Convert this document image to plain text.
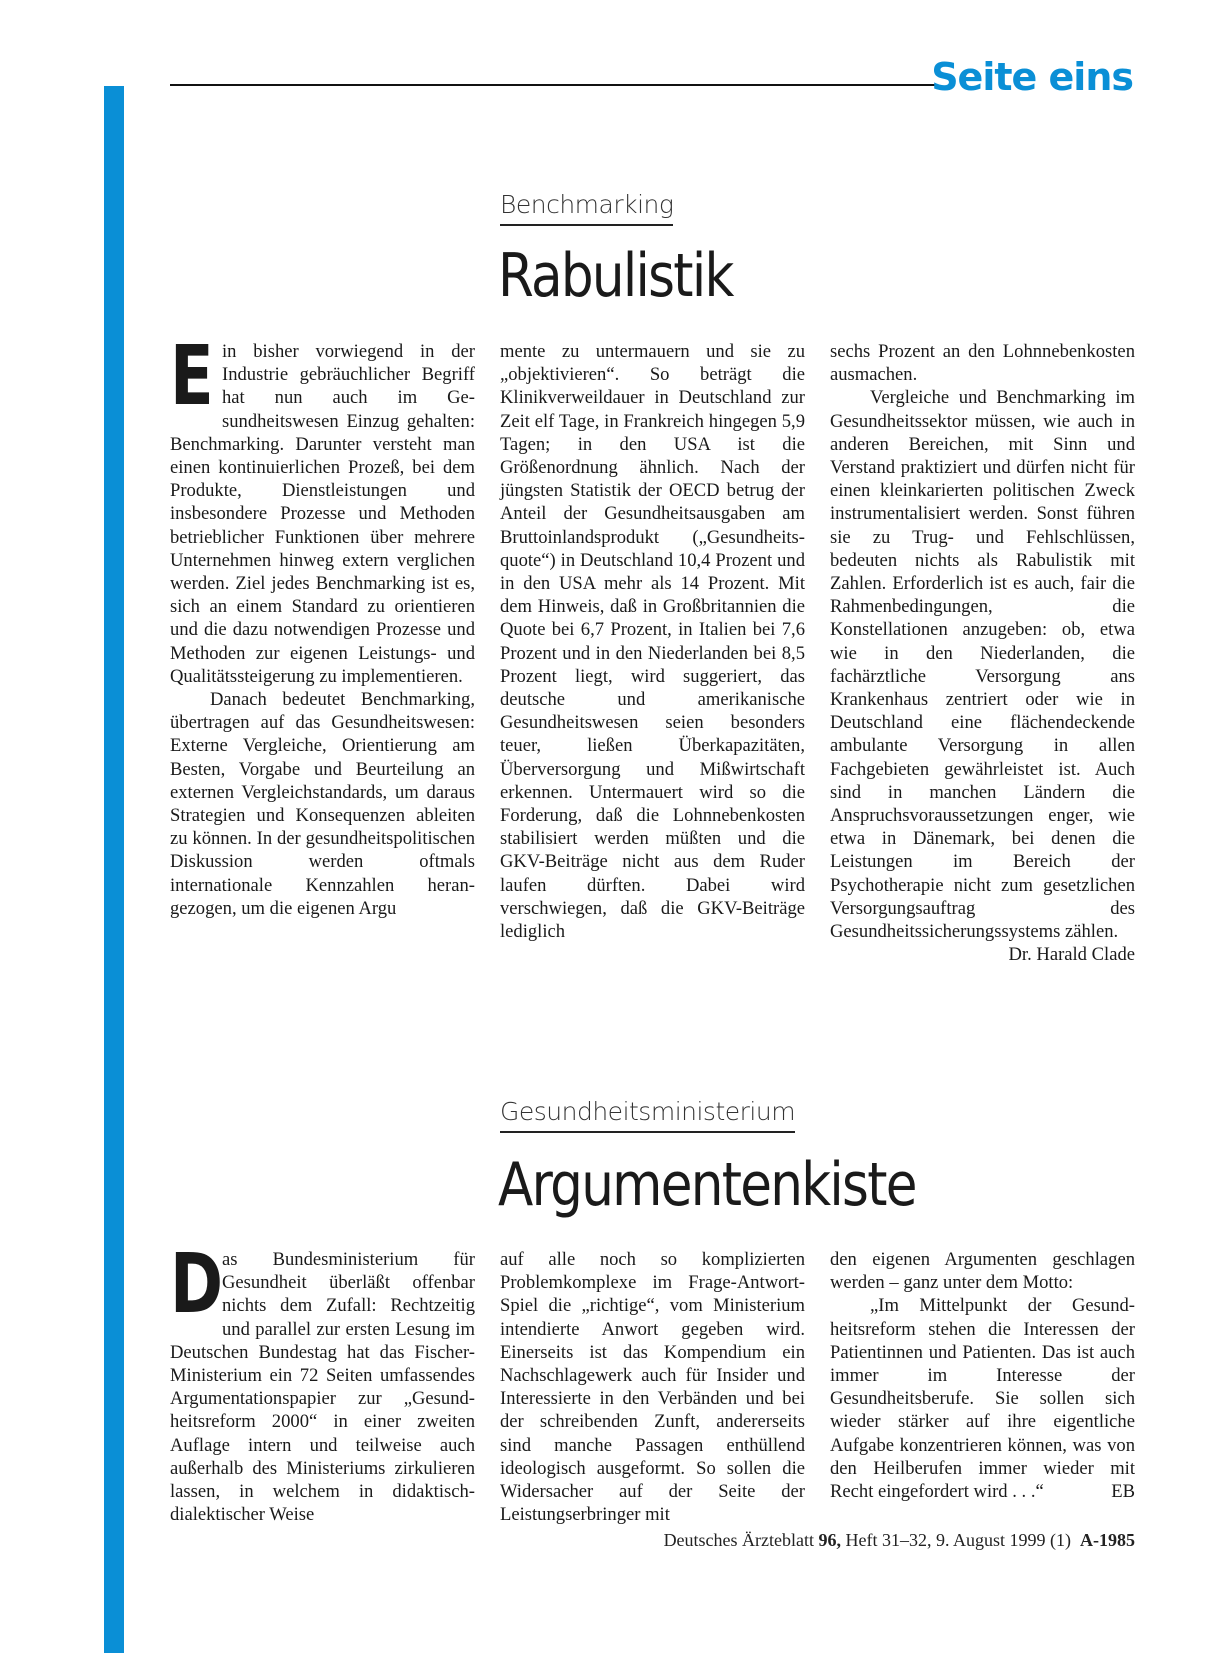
Seite eins
Benchmarking
Rabulistik

Ein bisher vorwiegend in der Industrie gebräuchlicher Begriff hat nun auch im Gesundheitswesen Einzug gehalten: Benchmarking. Darunter versteht man einen kontinuierlichen Prozeß, bei dem Produkte, Dienstleistungen und insbesondere Prozesse und Methoden betrieblicher Funktionen über mehrere Unternehmen hinweg extern verglichen werden. Ziel jedes Benchmarking ist es, sich an einem Standard zu orientieren und die dazu notwendigen Prozesse und Methoden zur eigenen Leistungs- und Qualitätssteigerung zu implementieren.

Danach bedeutet Benchmarking, übertragen auf das Gesundheitswesen: Externe Vergleiche, Orientierung am Besten, Vorgabe und Beurteilung an externen Vergleichstandards, um daraus Strategien und Konsequenzen ableiten zu können. In der gesundheitspolitischen Diskussion werden oftmals internationale Kennzahlen herangezogen, um die eigenen Argu

mente zu untermauern und sie zu „objektivieren“. So beträgt die Klinikverweildauer in Deutschland zur Zeit elf Tage, in Frankreich hingegen 5,9 Tagen; in den USA ist die Größenordnung ähnlich. Nach der jüngsten Statistik der OECD betrug der Anteil der Gesundheitsausgaben am Bruttoinlandsprodukt („Gesundheitsquote“) in Deutschland 10,4 Prozent und in den USA mehr als 14 Prozent. Mit dem Hinweis, daß in Großbritannien die Quote bei 6,7 Prozent, in Italien bei 7,6 Prozent und in den Niederlanden bei 8,5 Prozent liegt, wird suggeriert, das deutsche und amerikanische Gesundheitswesen seien besonders teuer, ließen Überkapazitäten, Überversorgung und Mißwirtschaft erkennen. Untermauert wird so die Forderung, daß die Lohnnebenkosten stabilisiert werden müßten und die GKV-Beiträge nicht aus dem Ruder laufen dürften. Dabei wird verschwiegen, daß die GKV-Beiträge lediglich

sechs Prozent an den Lohnnebenkosten ausmachen.

Vergleiche und Benchmarking im Gesundheitssektor müssen, wie auch in anderen Bereichen, mit Sinn und Verstand praktiziert und dürfen nicht für einen kleinkarierten politischen Zweck instrumentalisiert werden. Sonst führen sie zu Trug- und Fehlschlüssen, bedeuten nichts als Rabulistik mit Zahlen. Erforderlich ist es auch, fair die Rahmenbedingungen, die Konstellationen anzugeben: ob, etwa wie in den Niederlanden, die fachärztliche Versorgung ans Krankenhaus zentriert oder wie in Deutschland eine flächendeckende ambulante Versorgung in allen Fachgebieten gewährleistet ist. Auch sind in manchen Ländern die Anspruchsvoraussetzungen enger, wie etwa in Dänemark, bei denen die Leistungen im Bereich der Psychotherapie nicht zum gesetzlichen Versorgungsauftrag des Gesundheitssicherungssystems zählen.
Dr. Harald Clade

Gesundheitsministerium
Argumentenkiste

D
as Bundesministerium für Gesundheit überläßt offenbar nichts dem Zufall: Rechtzeitig und parallel zur ersten Lesung im Deutschen Bundestag hat das Fischer-Ministerium ein 72 Seiten umfassendes Argumentationspapier zur „Gesundheitsreform 2000“ in einer zweiten Auflage intern und teilweise auch außerhalb des Ministeriums zirkulieren lassen, in welchem in didaktisch-dialektischer Weise

auf alle noch so komplizierten Problemkomplexe im Frage-Antwort-Spiel die „richtige“, vom Ministerium intendierte Anwort gegeben wird. Einerseits ist das Kompendium ein Nachschlagewerk auch für Insider und Interessierte in den Verbänden und bei der schreibenden Zunft, andererseits sind manche Passagen enthüllend ideologisch ausgeformt. So sollen die Widersacher auf der Seite der Leistungserbringer mit

den eigenen Argumenten geschlagen werden – ganz unter dem Motto:

„Im Mittelpunkt der Gesundheitsreform stehen die Interessen der Patientinnen und Patienten. Das ist auch immer im Interesse der Gesundheitsberufe. Sie sollen sich wieder stärker auf ihre eigentliche Aufgabe konzentrieren können, was von den Heilberufen immer wieder mit Recht eingefordert wird . . .“	EB

Deutsches Ärzteblatt 96, Heft 31–32, 9. August 1999 (1) A-1985
